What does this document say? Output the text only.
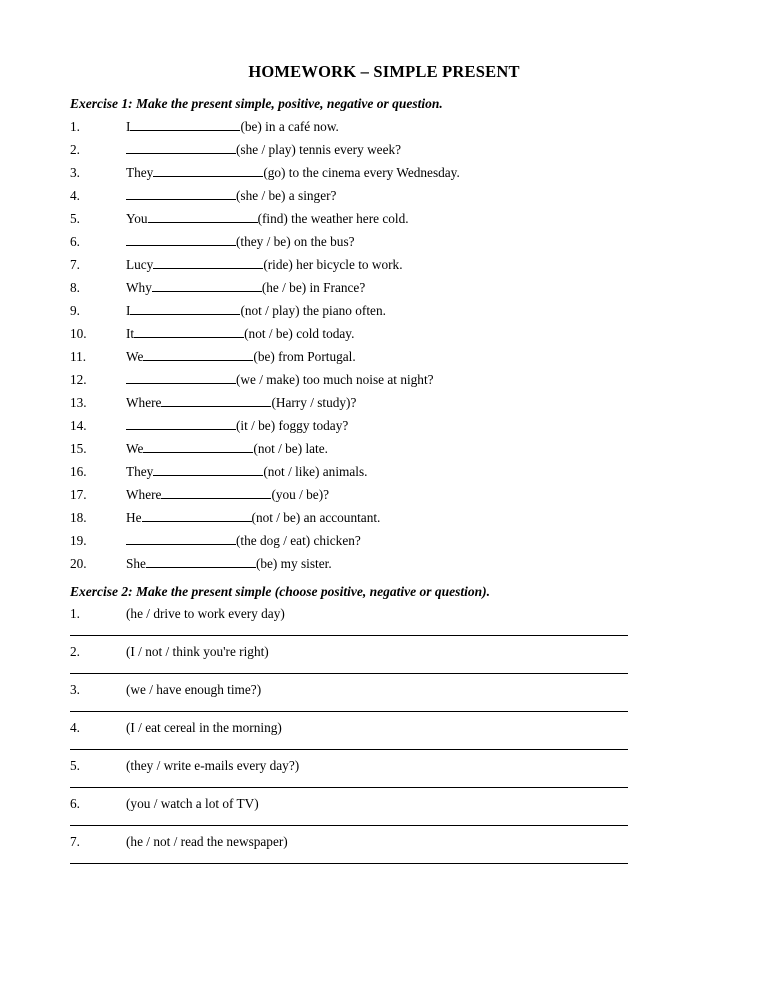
HOMEWORK – SIMPLE PRESENT
Exercise 1: Make the present simple, positive, negative or question.
1.	I	(be) in a café now.
2.	(she / play) tennis every week?
3.	They	(go) to the cinema every Wednesday.
4.	(she / be) a singer?
5.	You	(find) the weather here cold.
6.	(they / be) on the bus?
7.	Lucy	(ride) her bicycle to work.
8.	Why	(he / be) in France?
9.	I	(not / play) the piano often.
10.	It	(not / be) cold today.
11.	We	(be) from Portugal.
12.	(we / make) too much noise at night?
13.	Where	(Harry / study)?
14.	(it / be) foggy today?
15.	We	(not / be) late.
16.	They	(not / like) animals.
17.	Where	(you / be)?
18.	He	(not / be) an accountant.
19.	(the dog / eat) chicken?
20.	She	(be) my sister.
Exercise 2: Make the present simple (choose positive, negative or question).
1.	(he / drive to work every day)
2.	(I / not / think you're right)
3.	(we / have enough time?)
4.	(I / eat cereal in the morning)
5.	(they / write e-mails every day?)
6.	(you / watch a lot of TV)
7.	(he / not / read the newspaper)
